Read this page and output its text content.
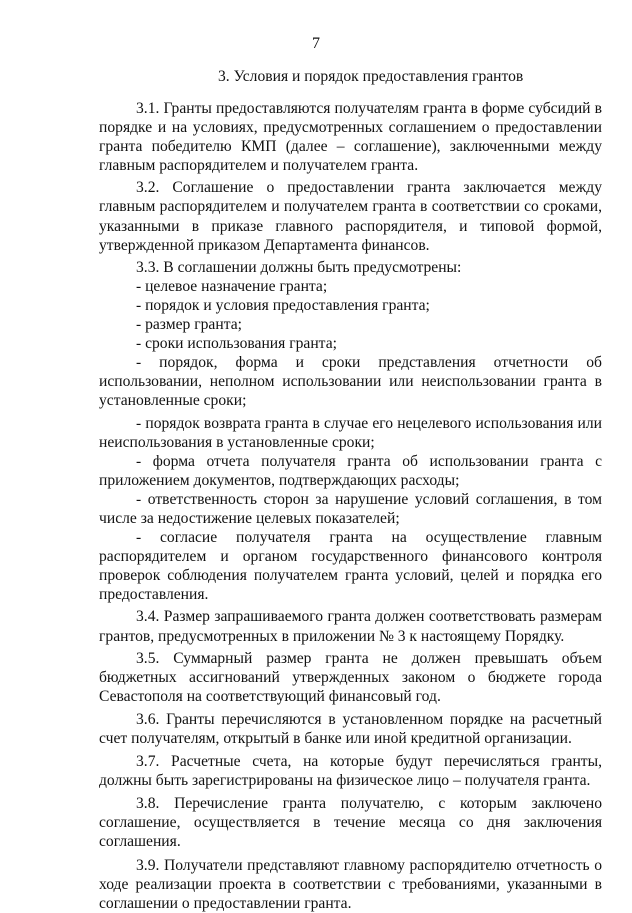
7
3. Условия и порядок предоставления грантов

3.1. Гранты предоставляются получателям гранта в форме субсидий в порядке и на условиях, предусмотренных соглашением о предоставлении гранта победителю КМП (далее – соглашение), заключенными между главным распорядителем и получателем гранта.

3.2. Соглашение о предоставлении гранта заключается между главным распорядителем и получателем гранта в соответствии со сроками, указанными в приказе главного распорядителя, и типовой формой, утвержденной приказом Департамента финансов.

3.3. В соглашении должны быть предусмотрены:

- целевое назначение гранта;

- порядок и условия предоставления гранта;

- размер гранта;

- сроки использования гранта;

- порядок, форма и сроки представления отчетности об использовании, неполном использовании или неиспользовании гранта в установленные сроки;

- порядок возврата гранта в случае его нецелевого использования или неиспользования в установленные сроки;

- форма отчета получателя гранта об использовании гранта с приложением документов, подтверждающих расходы;

- ответственность сторон за нарушение условий соглашения, в том числе за недостижение целевых показателей;

- согласие получателя гранта на осуществление главным распорядителем и органом государственного финансового контроля проверок соблюдения получателем гранта условий, целей и порядка его предоставления.

3.4. Размер запрашиваемого гранта должен соответствовать размерам грантов, предусмотренных в приложении № 3 к настоящему Порядку.

3.5. Суммарный размер гранта не должен превышать объем бюджетных ассигнований утвержденных законом о бюджете города Севастополя на соответствующий финансовый год.

3.6. Гранты перечисляются в установленном порядке на расчетный счет получателям, открытый в банке или иной кредитной организации.

3.7. Расчетные счета, на которые будут перечисляться гранты, должны быть зарегистрированы на физическое лицо – получателя гранта.

3.8. Перечисление гранта получателю, с которым заключено соглашение, осуществляется в течение месяца со дня заключения соглашения.

3.9. Получатели представляют главному распорядителю отчетность о ходе реализации проекта в соответствии с требованиями, указанными в соглашении о предоставлении гранта.
